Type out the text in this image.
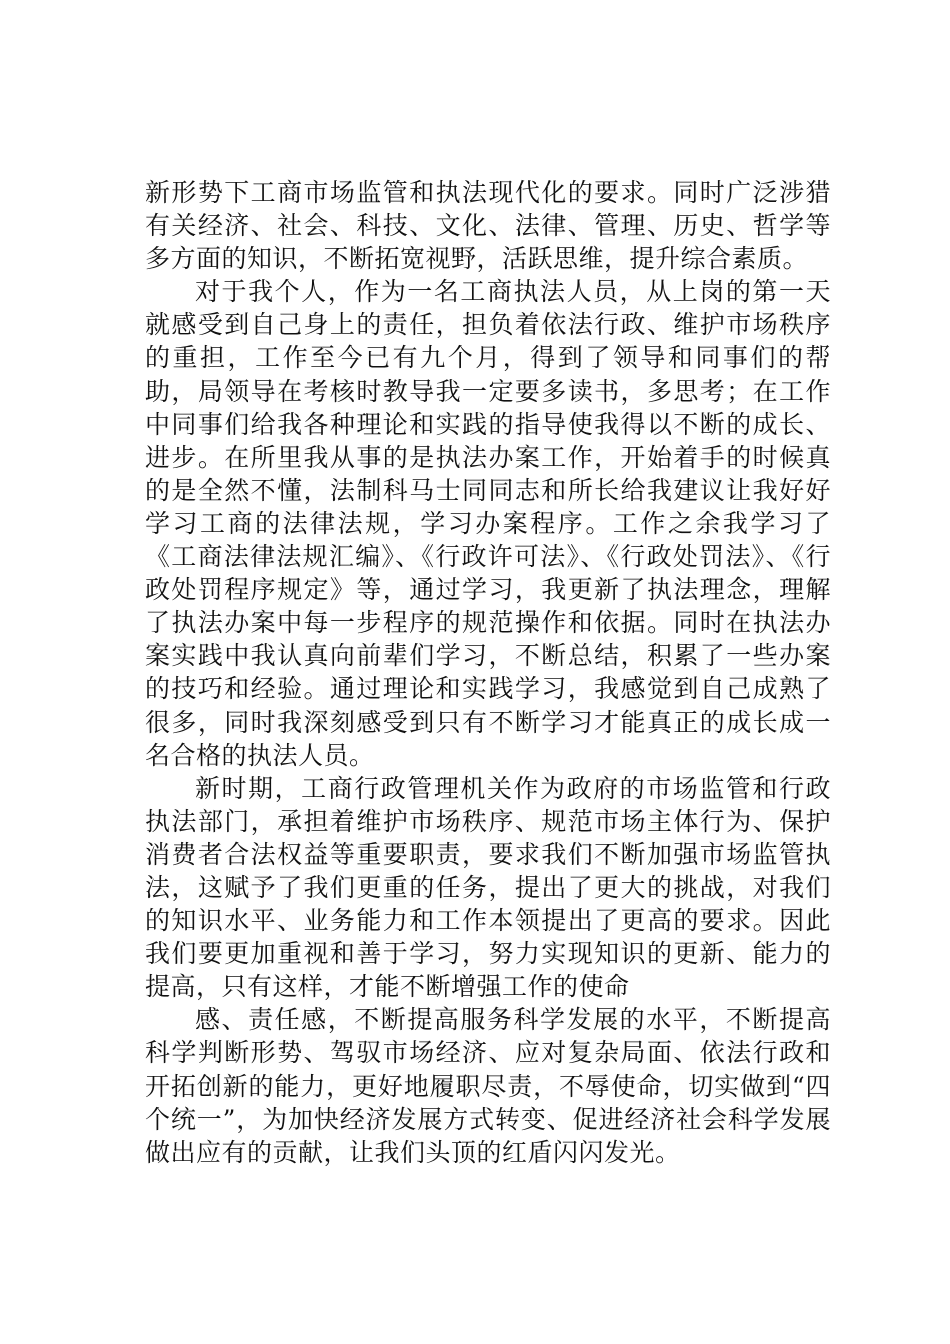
新形势下工商市场监管和执法现代化的要求。同时广泛涉猎有关经济、社会、科技、文化、法律、管理、历史、哲学等多方面的知识，不断拓宽视野，活跃思维，提升综合素质。

对于我个人，作为一名工商执法人员，从上岗的第一天就感受到自己身上的责任，担负着依法行政、维护市场秩序的重担，工作至今已有九个月，得到了领导和同事们的帮助，局领导在考核时教导我一定要多读书，多思考；在工作中同事们给我各种理论和实践的指导使我得以不断的成长、进步。在所里我从事的是执法办案工作，开始着手的时候真的是全然不懂，法制科马士同同志和所长给我建议让我好好学习工商的法律法规，学习办案程序。工作之余我学习了《工商法律法规汇编》、《行政许可法》、《行政处罚法》、《行政处罚程序规定》等，通过学习，我更新了执法理念，理解了执法办案中每一步程序的规范操作和依据。同时在执法办案实践中我认真向前辈们学习，不断总结，积累了一些办案的技巧和经验。通过理论和实践学习，我感觉到自己成熟了很多，同时我深刻感受到只有不断学习才能真正的成长成一名合格的执法人员。

新时期，工商行政管理机关作为政府的市场监管和行政执法部门，承担着维护市场秩序、规范市场主体行为、保护消费者合法权益等重要职责，要求我们不断加强市场监管执法，这赋予了我们更重的任务，提出了更大的挑战，对我们的知识水平、业务能力和工作本领提出了更高的要求。因此我们要更加重视和善于学习，努力实现知识的更新、能力的提高，只有这样，才能不断增强工作的使命

感、责任感，不断提高服务科学发展的水平，不断提高科学判断形势、驾驭市场经济、应对复杂局面、依法行政和开拓创新的能力，更好地履职尽责，不辱使命，切实做到“四个统一”，为加快经济发展方式转变、促进经济社会科学发展做出应有的贡献，让我们头顶的红盾闪闪发光。
